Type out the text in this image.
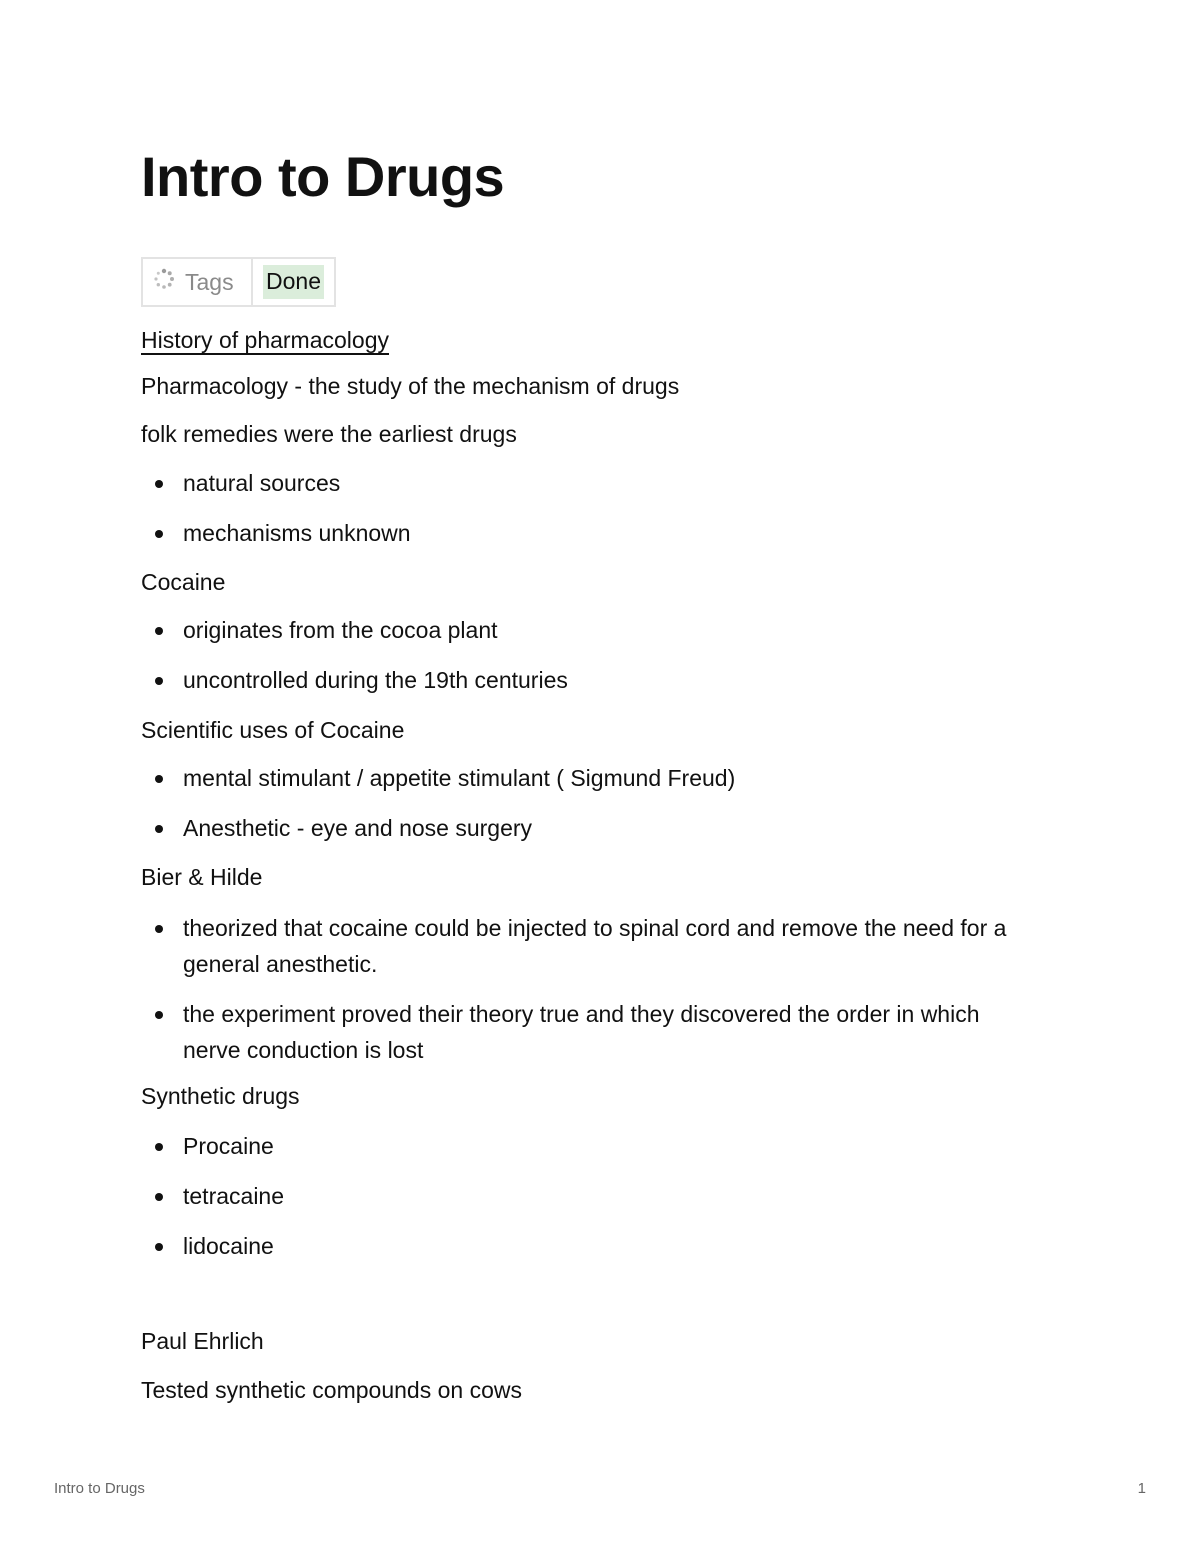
Intro to Drugs
Tags Done

History of pharmacology

Pharmacology - the study of the mechanism of drugs

folk remedies were the earliest drugs

natural sources
mechanisms unknown

Cocaine

originates from the cocoa plant
uncontrolled during the 19th centuries

Scientific uses of Cocaine

mental stimulant / appetite stimulant ( Sigmund Freud)
Anesthetic - eye and nose surgery

Bier & Hilde

theorized that cocaine could be injected to spinal cord and remove the need for a general anesthetic.
the experiment proved their theory true and they discovered the order in which nerve conduction is lost

Synthetic drugs

Procaine
tetracaine
lidocaine

Paul Ehrlich

Tested synthetic compounds on cows

Intro to Drugs	1
